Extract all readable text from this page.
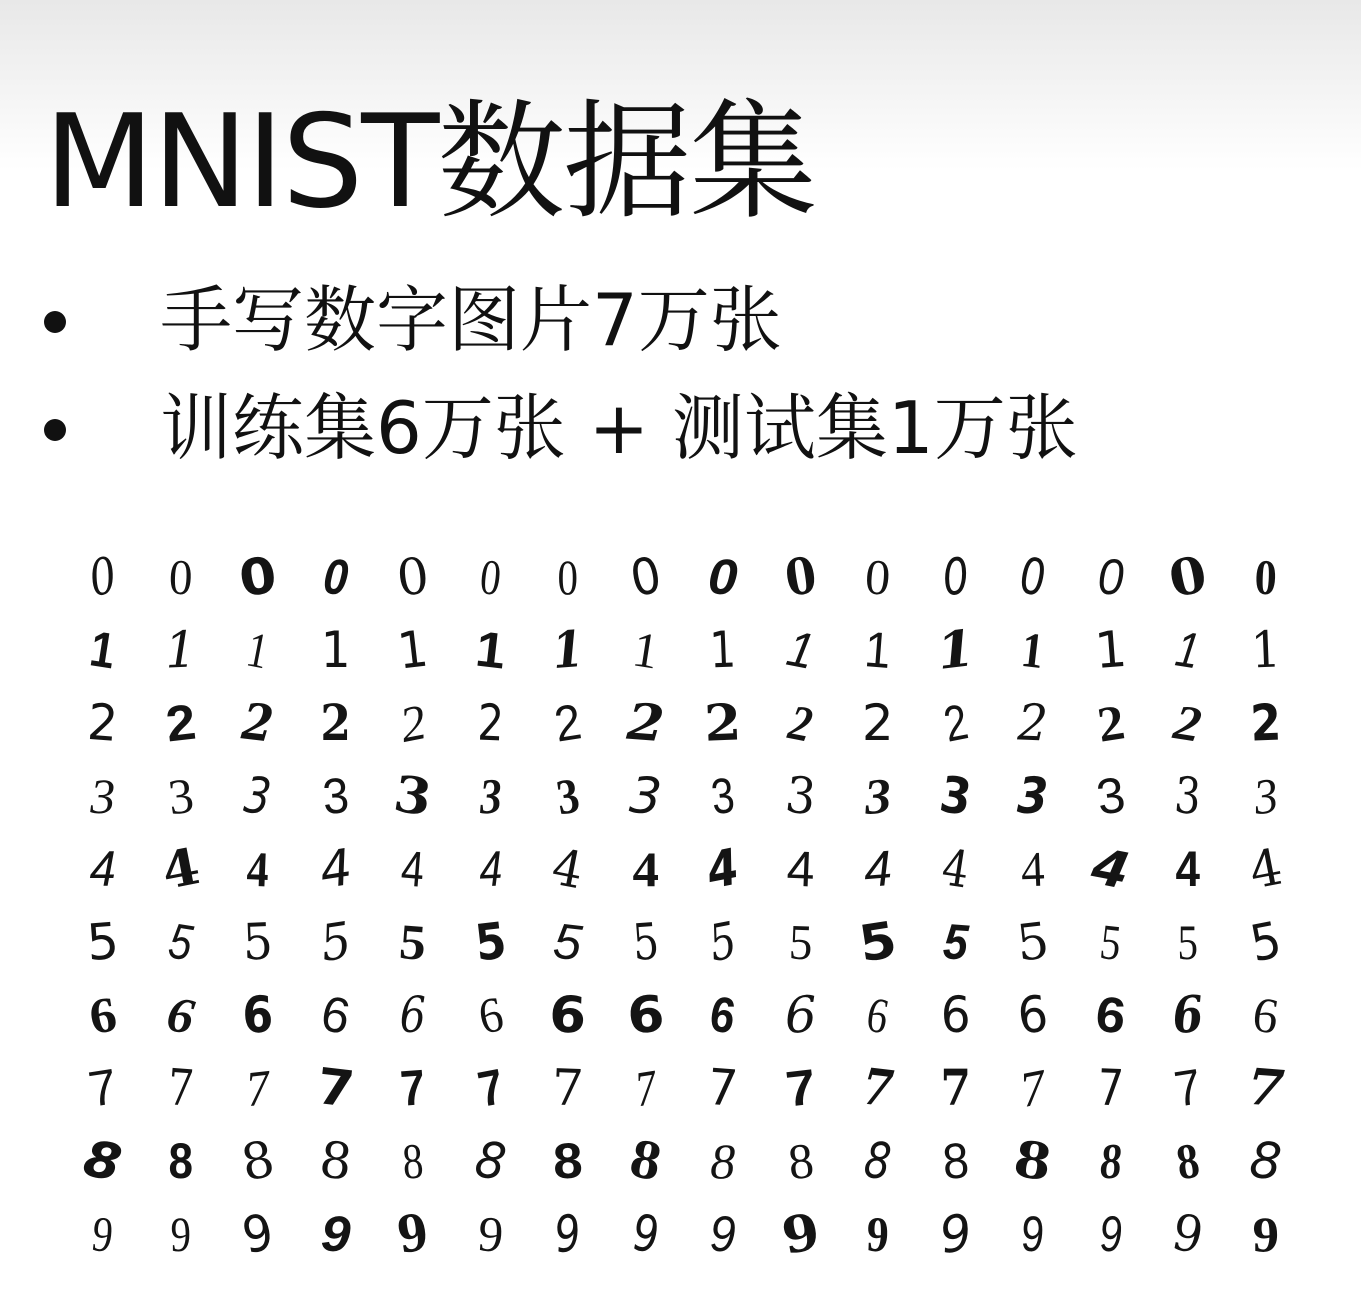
MNIST数据集
手写数字图片7万张
训练集6万张 + 测试集1万张
0 0 0 0 0 0	0 0 0 0 0 0 0 0 0 0
1 1 1 1 1 1 1 1 1 1 1 1 1 1 1 1
2 2 2 2 2 2 2 2 2 2 2 2 2 2 2 2
3 3 3 3 3 3	3 3 3 3 3 3 3 3 3 3
4 4 4 4 4	4 4 4 4 4 4 4 4 4 4 4
5 5 5 5 5 5 5 5 5 5 5 5 5 5	5 5
6 6 6 6 6 6 6 6 6 6 6 6 6 6 6 6
7 7 7 7 7 7 7 7 7 7 7 7 7 7 7 7
8 8 8 8 8 8 8 8 8 8 8 8 8 8	8 8
9	9 9 9 9 9 9 9 9 9 9 9 9	9 9 9
